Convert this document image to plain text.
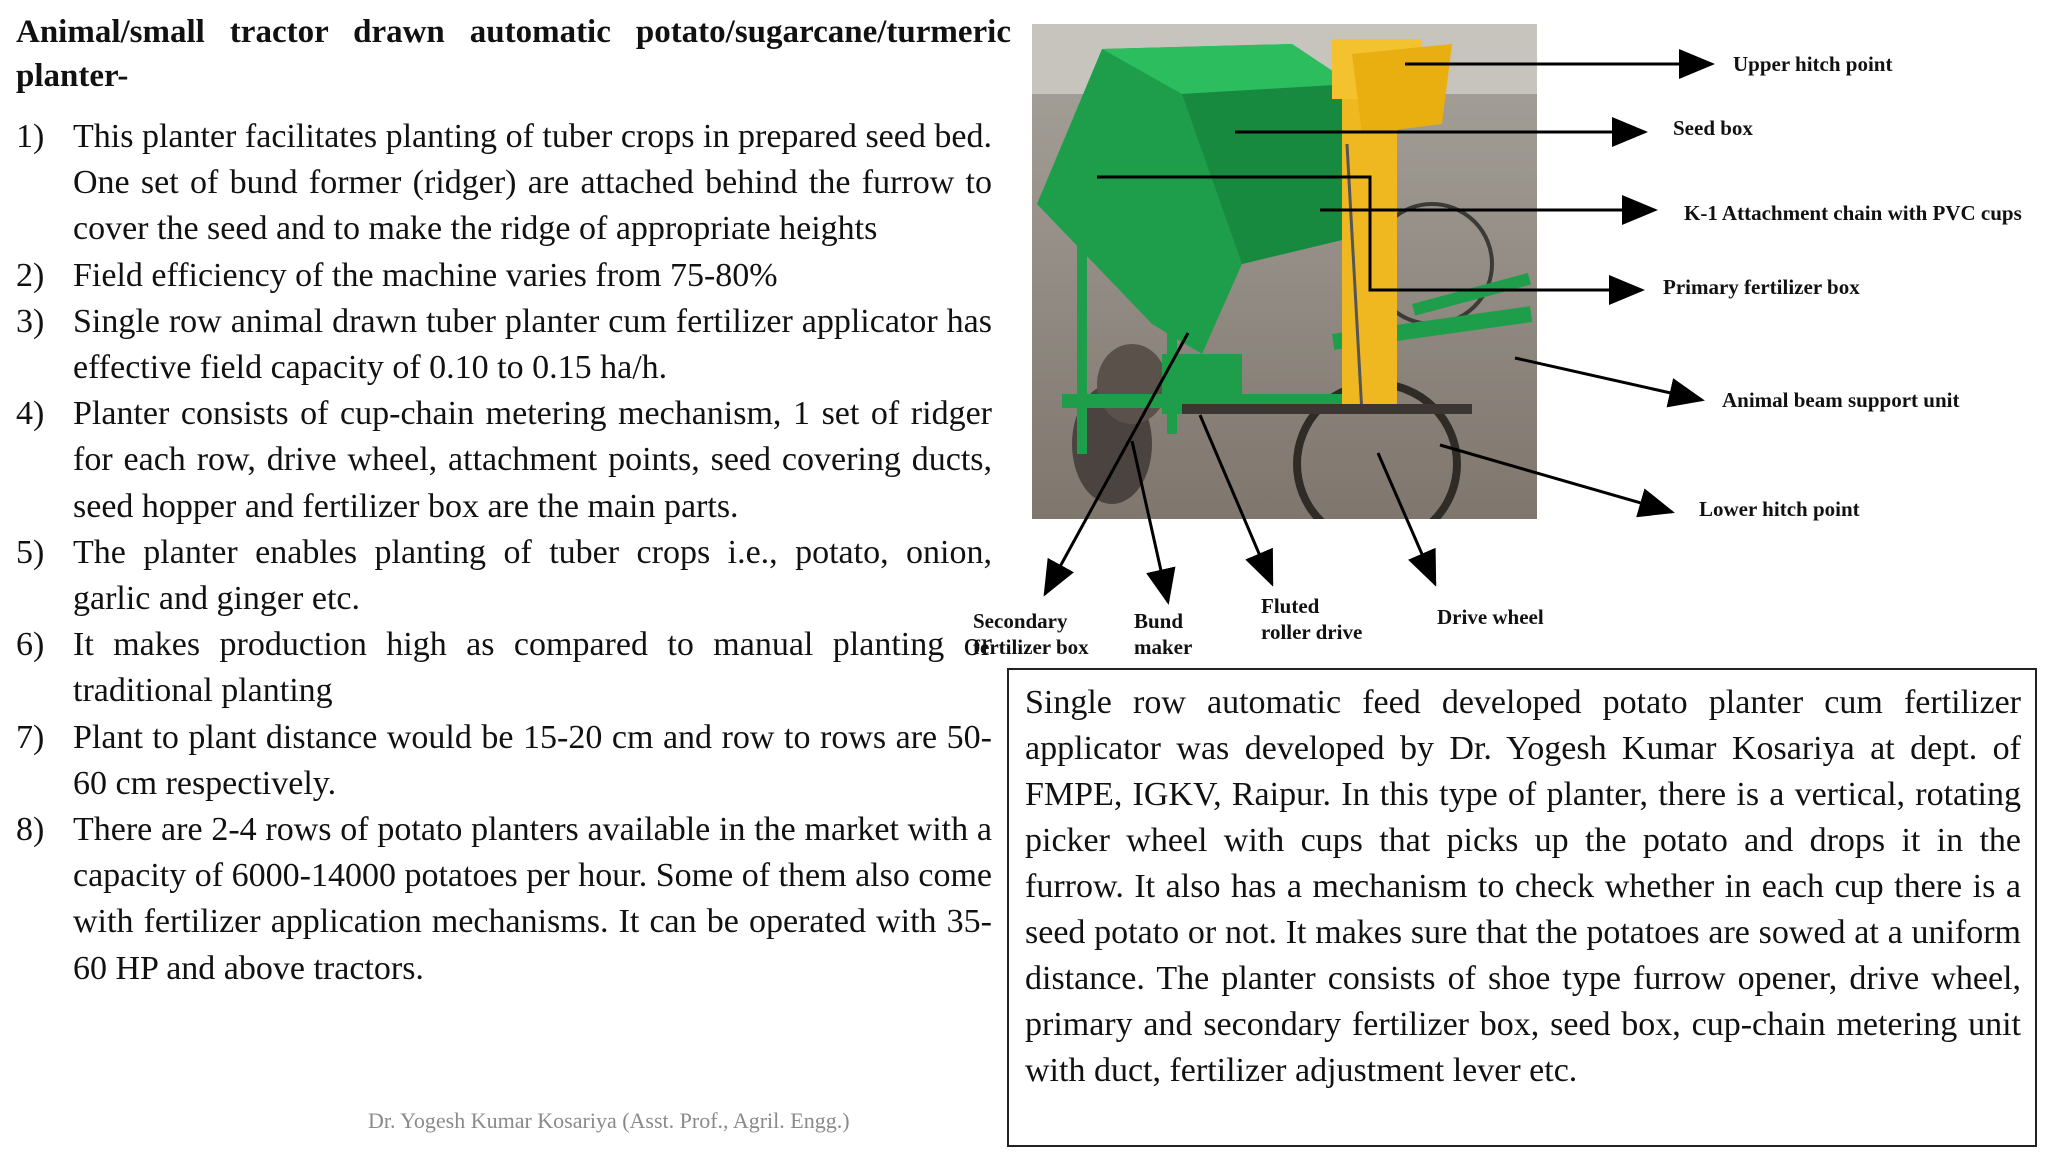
Animal/small tractor drawn automatic potato/sugarcane/turmeric planter-
1) This planter facilitates planting of tuber crops in prepared seed bed. One set of bund former (ridger) are attached behind the furrow to cover the seed and to make the ridge of appropriate heights
2) Field efficiency of the machine varies from 75-80%
3) Single row animal drawn tuber planter cum fertilizer applicator has effective field capacity of 0.10 to 0.15 ha/h.
4) Planter consists of cup-chain metering mechanism, 1 set of ridger for each row, drive wheel, attachment points, seed covering ducts, seed hopper and fertilizer box are the main parts.
5) The planter enables planting of tuber crops i.e., potato, onion, garlic and ginger etc.
6) It makes production high as compared to manual planting or traditional planting
7) Plant to plant distance would be 15-20 cm and row to rows are 50-60 cm respectively.
8) There are 2-4 rows of potato planters available in the market with a capacity of 6000-14000 potatoes per hour. Some of them also come with fertilizer application mechanisms. It can be operated with 35-60 HP and above tractors.
Dr. Yogesh Kumar Kosariya (Asst. Prof., Agril. Engg.)
Upper hitch point
Seed box
K-1 Attachment chain with PVC cups
Primary fertilizer box
Animal beam support unit
Lower hitch point
Secondary
fertilizer box
Bund
maker
Fluted
roller drive
Drive wheel
Single row automatic feed developed potato planter cum fertilizer applicator was developed by Dr. Yogesh Kumar Kosariya at dept. of FMPE, IGKV, Raipur. In this type of planter, there is a vertical, rotating picker wheel with cups that picks up the potato and drops it in the furrow. It also has a mechanism to check whether in each cup there is a seed potato or not. It makes sure that the potatoes are sowed at a uniform distance. The planter consists of shoe type furrow opener, drive wheel, primary and secondary fertilizer box, seed box, cup-chain metering unit with duct, fertilizer adjustment lever etc.
